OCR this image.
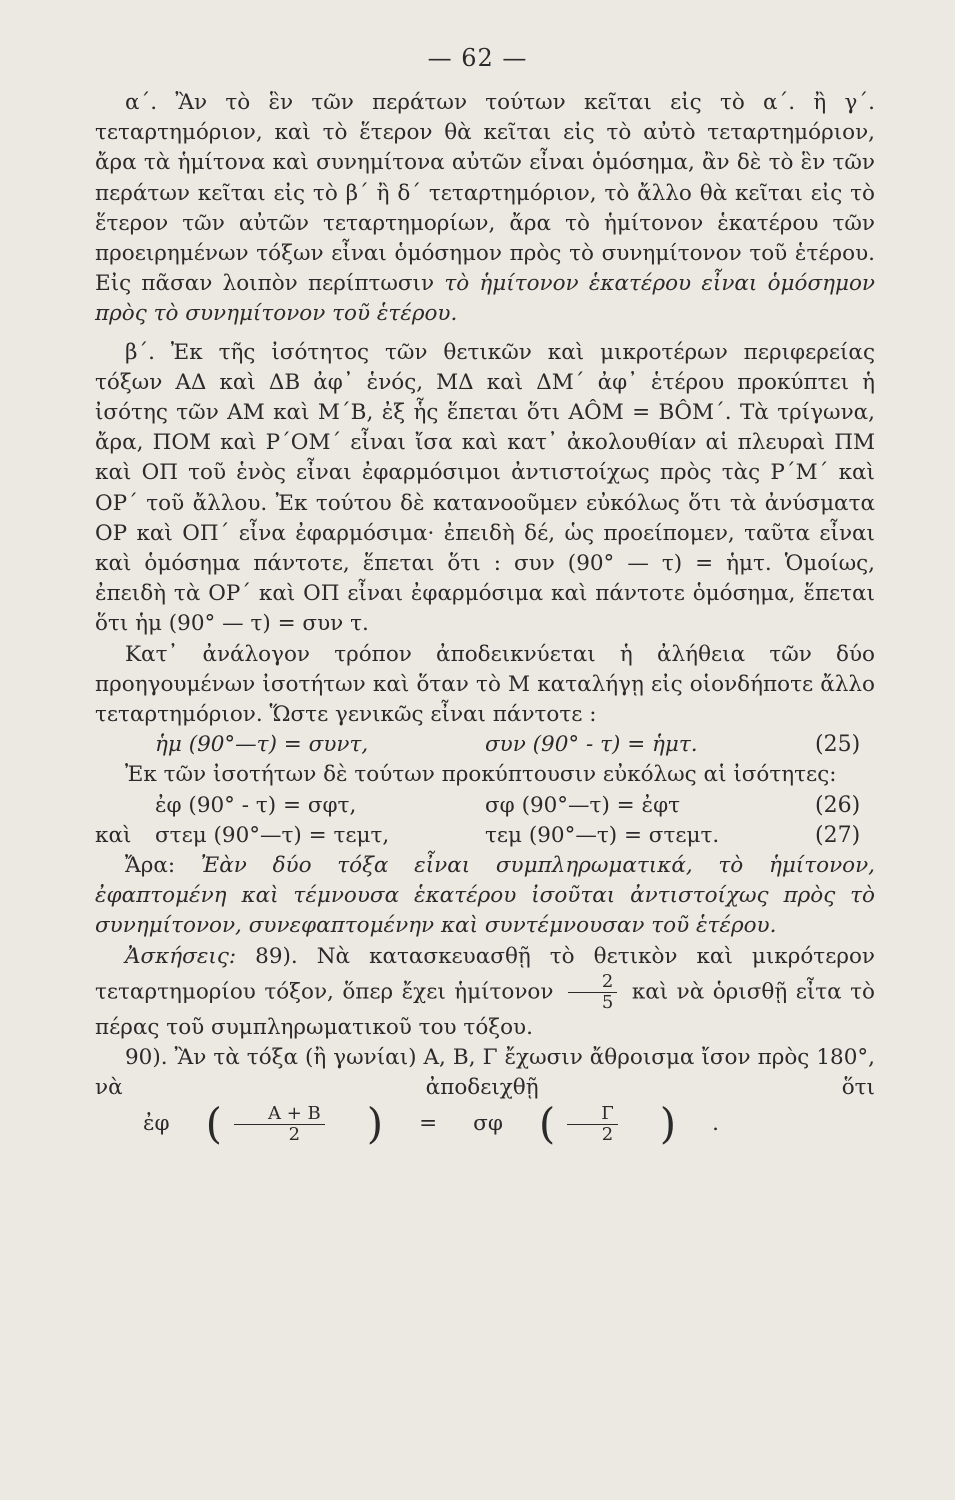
— 62 —

α΄. Ἂν τὸ ἓν τῶν περάτων τούτων κεῖται εἰς τὸ α΄. ἢ γ΄. τεταρτημόριον, καὶ τὸ ἕτερον θὰ κεῖται εἰς τὸ αὐτὸ τεταρτημόριον, ἄρα τὰ ἡμίτονα καὶ συνημίτονα αὐτῶν εἶναι ὁμόσημα, ἂν δὲ τὸ ἓν τῶν περάτων κεῖται εἰς τὸ β΄ ἢ δ΄ τεταρτημόριον, τὸ ἄλλο θὰ κεῖται εἰς τὸ ἕτερον τῶν αὐτῶν τεταρτημορίων, ἄρα τὸ ἡμίτονον ἑκατέρου τῶν προειρημένων τόξων εἶναι ὁμόσημον πρὸς τὸ συνημίτονον τοῦ ἑτέρου. Εἰς πᾶσαν λοιπὸν περίπτωσιν τὸ ἡμίτονον ἑκατέρου εἶναι ὁμόσημον πρὸς τὸ συνημίτονον τοῦ ἑτέρου.

β΄. Ἐκ τῆς ἰσότητος τῶν θετικῶν καὶ μικροτέρων περιφερείας τόξων ΑΔ καὶ ΔΒ ἀφ᾽ ἑνός, ΜΔ καὶ ΔΜ΄ ἀφ᾽ ἑτέρου προκύπτει ἡ ἰσότης τῶν ΑΜ καὶ Μ΄Β, ἐξ ἧς ἕπεται ὅτι ΑÔΜ = ΒÔΜ΄. Τὰ τρίγωνα, ἄρα, ΠΟΜ καὶ Ρ΄ΟΜ΄ εἶναι ἴσα καὶ κατ᾽ ἀκολουθίαν αἱ πλευραὶ ΠΜ καὶ ΟΠ τοῦ ἑνὸς εἶναι ἐφαρμόσιμοι ἀντιστοίχως πρὸς τὰς Ρ΄Μ΄ καὶ ΟΡ΄ τοῦ ἄλλου. Ἐκ τούτου δὲ κατανοοῦμεν εὐκόλως ὅτι τὰ ἀνύσματα ΟΡ καὶ ΟΠ΄ εἶνα ἐφαρμόσιμα· ἐπειδὴ δέ, ὡς προείπομεν, ταῦτα εἶναι καὶ ὁμόσημα πάντοτε, ἕπεται ὅτι : συν (90° — τ) = ἡμτ. Ὁμοίως, ἐπειδὴ τὰ ΟΡ΄ καὶ ΟΠ εἶναι ἐφαρμόσιμα καὶ πάντοτε ὁμόσημα, ἕπεται ὅτι ἡμ (90° — τ) = συν τ.

Κατ᾽ ἀνάλογον τρόπον ἀποδεικνύεται ἡ ἀλήθεια τῶν δύο προηγουμένων ἰσοτήτων καὶ ὅταν τὸ Μ καταλήγῃ εἰς οἱονδήποτε ἄλλο τεταρτημόριον. Ὥστε γενικῶς εἶναι πάντοτε :

ἡμ (90°—τ) = συντ,	συν (90° - τ) = ἡμτ.	(25)

Ἐκ τῶν ἰσοτήτων δὲ τούτων προκύπτουσιν εὐκόλως αἱ ἰσότητες:

ἐφ (90° - τ) = σφτ,	σφ (90°—τ) = ἐφτ	(26)
καὶ	στεμ (90°—τ) = τεμτ,	τεμ (90°—τ) = στεμτ.	(27)

Ἄρα: Ἐὰν δύο τόξα εἶναι συμπληρωματικά, τὸ ἡμίτονον, ἐφαπτομένη καὶ τέμνουσα ἑκατέρου ἰσοῦται ἀντιστοίχως πρὸς τὸ συνημίτονον, συνεφαπτομένην καὶ συντέμνουσαν τοῦ ἑτέρου.

Ἀσκήσεις: 89). Νὰ κατασκευασθῇ τὸ θετικὸν καὶ μικρότερον τεταρτημορίου τόξον, ὅπερ ἔχει ἡμίτονον $\frac{2}{5}$ καὶ νὰ ὁρισθῇ εἶτα τὸ πέρας τοῦ συμπληρωματικοῦ του τόξου.

90). Ἂν τὰ τόξα (ἢ γωνίαι) Α, Β, Γ ἔχωσιν ἄθροισμα ἴσον πρὸς 180°, νὰ ἀποδειχθῇ ὅτι
ἐφ ( $\frac{A + B}{2}$	)	=	σφ ( $\frac{\Gamma}{2}$	)	.
